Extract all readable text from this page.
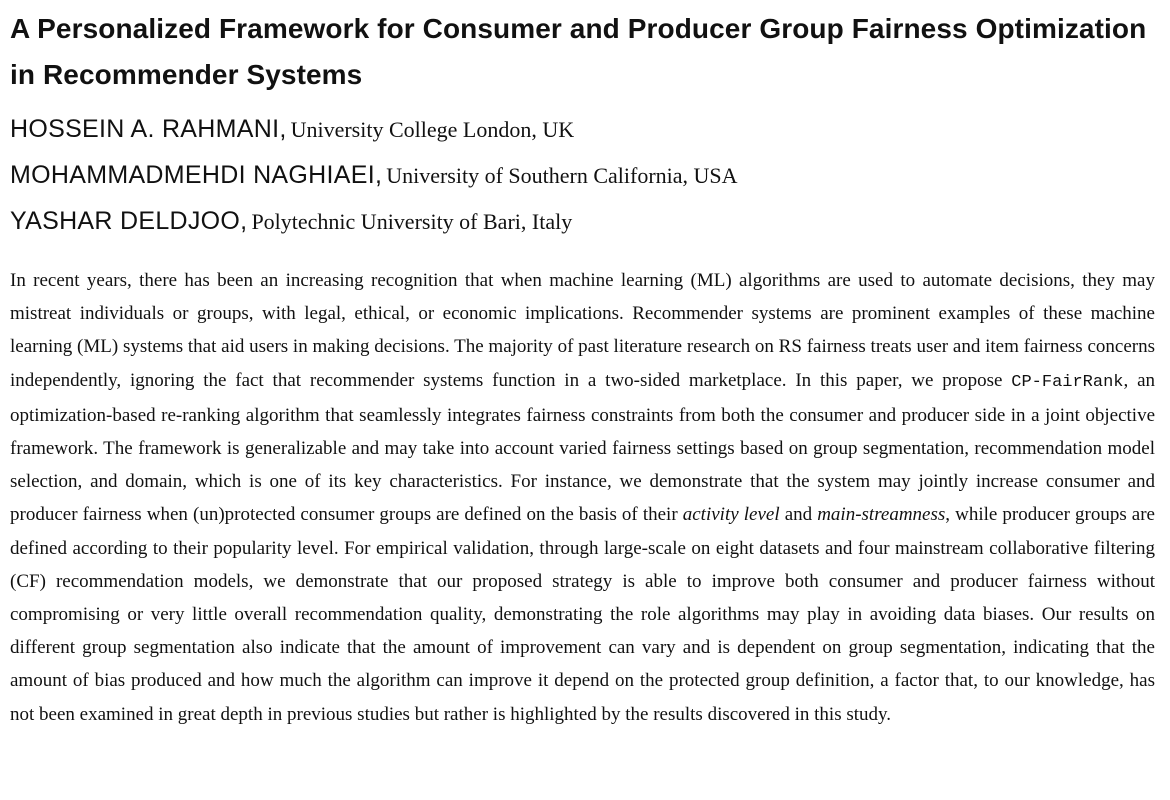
A Personalized Framework for Consumer and Producer Group Fairness Optimization in Recommender Systems
HOSSEIN A. RAHMANI, University College London, UK
MOHAMMADMEHDI NAGHIAEI, University of Southern California, USA
YASHAR DELDJOO, Polytechnic University of Bari, Italy

In recent years, there has been an increasing recognition that when machine learning (ML) algorithms are used to automate decisions, they may mistreat individuals or groups, with legal, ethical, or economic implications. Recommender systems are prominent examples of these machine learning (ML) systems that aid users in making decisions. The majority of past literature research on RS fairness treats user and item fairness concerns independently, ignoring the fact that recommender systems function in a two-sided marketplace. In this paper, we propose CP-FairRank, an optimization-based re-ranking algorithm that seamlessly integrates fairness constraints from both the consumer and producer side in a joint objective framework. The framework is generalizable and may take into account varied fairness settings based on group segmentation, recommendation model selection, and domain, which is one of its key characteristics. For instance, we demonstrate that the system may jointly increase consumer and producer fairness when (un)protected consumer groups are defined on the basis of their activity level and main-streamness, while producer groups are defined according to their popularity level. For empirical validation, through large-scale on eight datasets and four mainstream collaborative filtering (CF) recommendation models, we demonstrate that our proposed strategy is able to improve both consumer and producer fairness without compromising or very little overall recommendation quality, demonstrating the role algorithms may play in avoiding data biases. Our results on different group segmentation also indicate that the amount of improvement can vary and is dependent on group segmentation, indicating that the amount of bias produced and how much the algorithm can improve it depend on the protected group definition, a factor that, to our knowledge, has not been examined in great depth in previous studies but rather is highlighted by the results discovered in this study.
